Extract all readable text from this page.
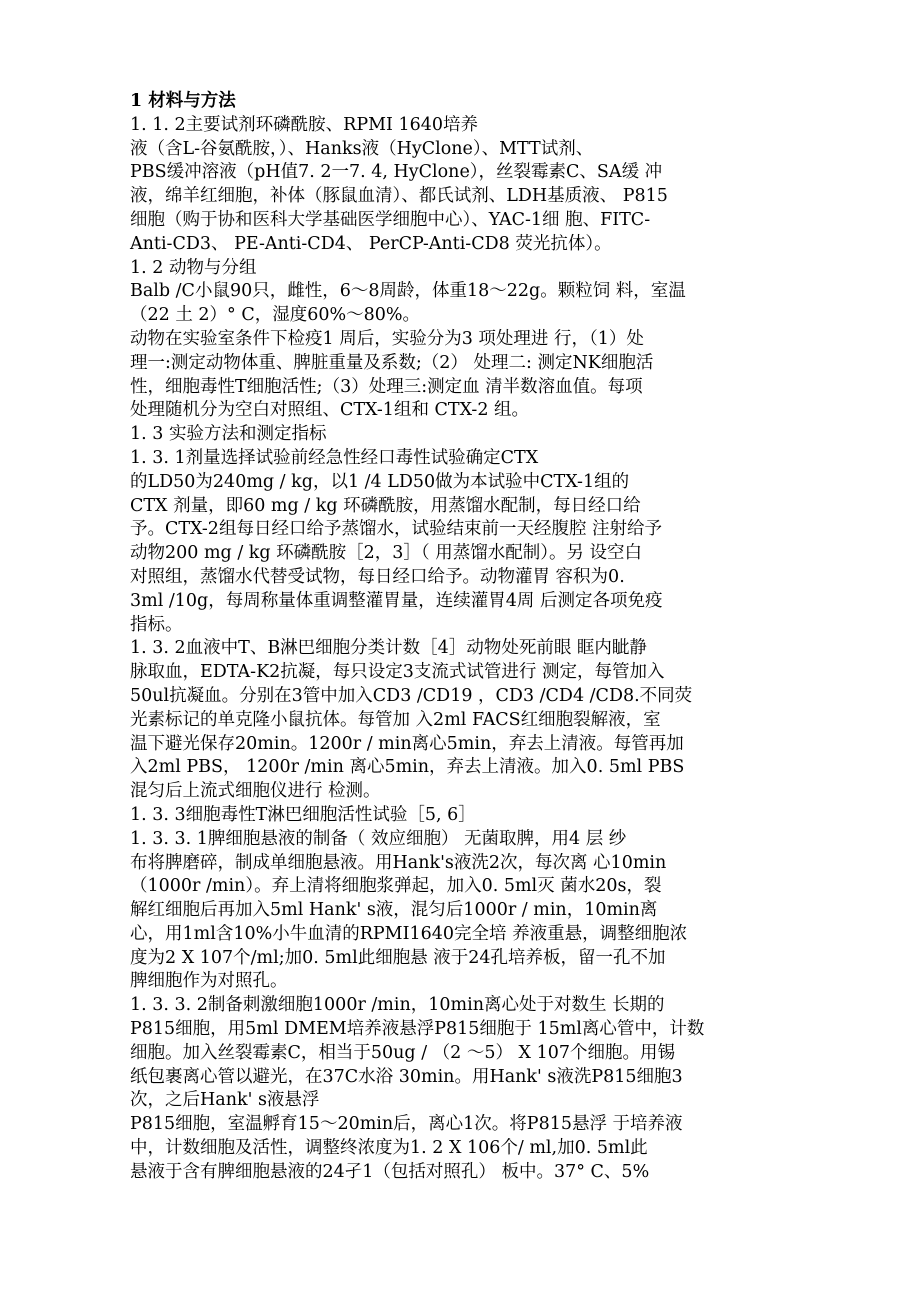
1 材料与方法

1. 1. 2主要试剂环磷酰胺、RPMI 1640培养

液（含L-谷氨酰胺，）、Hanks液（HyClone）、MTT试剂、

PBS缓冲溶液（pH值7. 2一7. 4, HyClone），丝裂霉素C、SA缓 冲

液，绵羊红细胞，补体（豚鼠血清）、都氏试剂、LDH基质液、 P815

细胞（购于协和医科大学基础医学细胞中心）、YAC-1细 胞、FITC-

Anti-CD3、 PE-Anti-CD4、 PerCP-Anti-CD8 荧光抗体）。

1. 2 动物与分组

Balb /C小鼠90只，雌性，6〜8周龄，体重18〜22g。颗粒饲 料，室温

（22 土 2）° C，湿度60%〜80%。

动物在实验室条件下检疫1 周后，实验分为3 项处理进 行，（1）处

理一:测定动物体重、脾脏重量及系数;（2） 处理二: 测定NK细胞活

性，细胞毒性T细胞活性;（3）处理三:测定血 清半数溶血值。每项

处理随机分为空白对照组、CTX-1组和 CTX-2 组。

1. 3 实验方法和测定指标

1. 3. 1剂量选择试验前经急性经口毒性试验确定CTX

的LD50为240mg / kg，以1 /4 LD50做为本试验中CTX-1组的

CTX 剂量，即60 mg / kg 环磷酰胺，用蒸馏水配制，每日经口给

予。CTX-2组每日经口给予蒸馏水，试验结束前一天经腹腔 注射给予

动物200 mg / kg 环磷酰胺［2，3］（ 用蒸馏水配制）。另 设空白

对照组，蒸馏水代替受试物，每日经口给予。动物灌胃 容积为0.

3ml /10g，每周称量体重调整灌胃量，连续灌胃4周 后测定各项免疫

指标。

1. 3. 2血液中T、B淋巴细胞分类计数［4］动物处死前眼 眶内眦静

脉取血，EDTA-K2抗凝，每只设定3支流式试管进行 测定，每管加入

50ul抗凝血。分别在3管中加入CD3 /CD19 ，CD3 /CD4 /CD8.不同荧

光素标记的单克隆小鼠抗体。每管加 入2ml FACS红细胞裂解液，室

温下避光保存20min。1200r / min离心5min，弃去上清液。每管再加

入2ml PBS， 1200r /min 离心5min，弃去上清液。加入0. 5ml PBS

混匀后上流式细胞仪进行 检测。

1. 3. 3细胞毒性T淋巴细胞活性试验［5, 6］

1. 3. 3. 1脾细胞悬液的制备（ 效应细胞） 无菌取脾，用4 层 纱

布将脾磨碎，制成单细胞悬液。用Hank's液洗2次，每次离 心10min

（1000r /min）。弃上清将细胞浆弹起，加入0. 5ml灭 菌水20s，裂

解红细胞后再加入5ml Hank' s液，混匀后1000r / min，10min离

心，用1ml含10%小牛血清的RPMI1640完全培 养液重悬，调整细胞浓

度为2 X 107个/ml;加0. 5ml此细胞悬 液于24孔培养板，留一孔不加

脾细胞作为对照孔。

1. 3. 3. 2制备刺激细胞1000r /min，10min离心处于对数生 长期的

P815细胞，用5ml DMEM培养液悬浮P815细胞于 15ml离心管中，计数

细胞。加入丝裂霉素C，相当于50ug / （2 〜5） X 107个细胞。用锡

纸包裹离心管以避光，在37C水浴 30min。用Hank' s液洗P815细胞3

次，之后Hank' s液悬浮

P815细胞，室温孵育15〜20min后，离心1次。将P815悬浮 于培养液

中，计数细胞及活性，调整终浓度为1. 2 X 106个/ ml,加0. 5ml此

悬液于含有脾细胞悬液的24孑1（包括对照孔） 板中。37° C、5%
